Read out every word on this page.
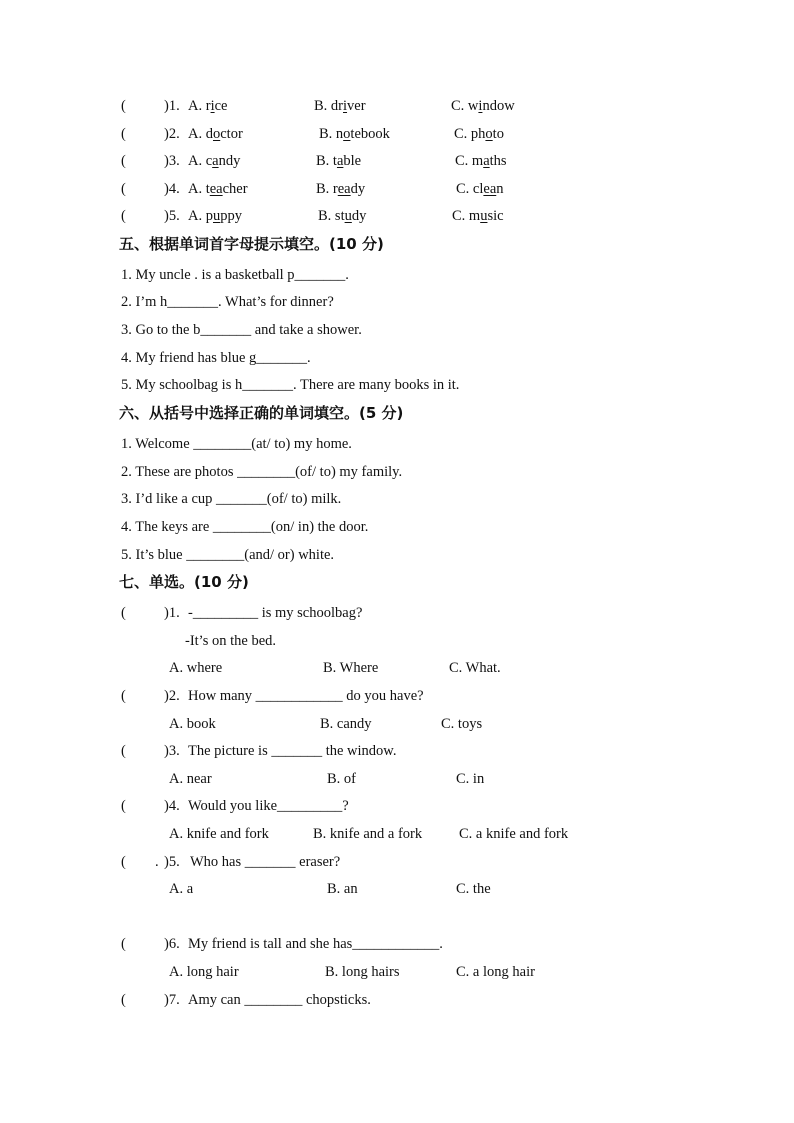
(	)1. A. rice	B. driver	C. window
(	)2. A. doctor	B. notebook	C. photo
(	)3. A. candy	B. table	C. maths
(	)4. A. teacher	B. ready	C. clean
(	)5. A. puppy	B. study	C. music
五、根据单词首字母提示填空。(10 分)
1. My uncle . is a basketball p_______.
2. I’m h_______. What’s for dinner?
3. Go to the b_______ and take a shower.
4. My friend has blue g_______.
5. My schoolbag is h_______. There are many books in it.
六、从括号中选择正确的单词填空。(5 分)
1. Welcome ________(at/ to) my home.
2. These are photos ________(of/ to) my family.
3. I’d like a cup _______(of/ to) milk.
4. The keys are ________(on/ in) the door.
5. It’s blue ________(and/ or) white.
七、单选。(10 分)
(	)1. -_________ is my schoolbag?
-It’s on the bed.
A. where	B. Where	C. What.
(	)2. How many ____________ do you have?
A. book	B. candy	C. toys
(	)3. The picture is _______ the window.
A. near	B. of	C. in
(	)4. Would you like_________?
A. knife and fork	B. knife and a fork	C. a knife and fork
( . )5. Who has _______ eraser?
A. a	B. an	C. the
(	)6. My friend is tall and she has____________.
A. long hair	B. long hairs	C. a long hair
(	)7. Amy can ________ chopsticks.
